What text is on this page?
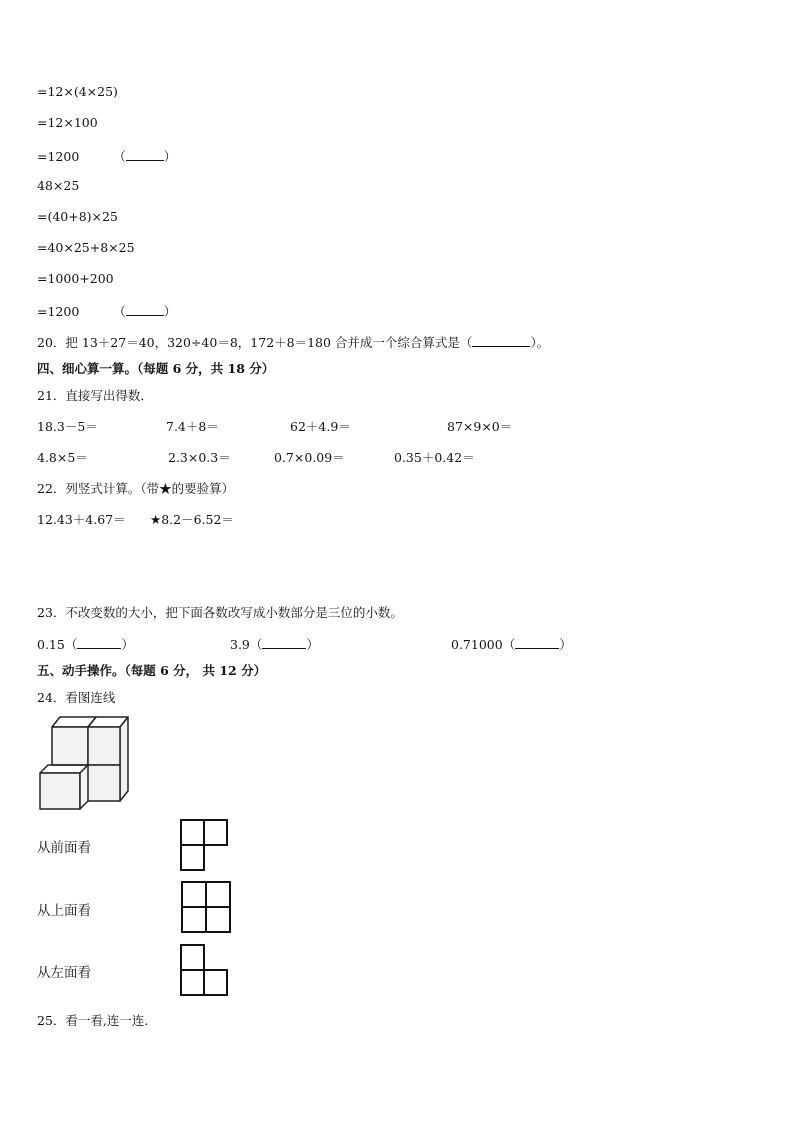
=12×(4×25)
=12×100
=1200	（	）
48×25
=(40+8)×25
=40×25+8×25
=1000+200
=1200	（	）
20．把 13＋27＝40，320÷40＝8，172＋8＝180 合并成一个综合算式是（	）。
四、细心算一算。（每题 6 分，共 18 分）
21．直接写出得数．
18.3－5＝	7.4＋8＝	62＋4.9＝	87×9×0＝
4.8×5＝	2.3×0.3＝	0.7×0.09＝	0.35＋0.42＝
22．列竖式计算。（带★的要验算）
12.43＋4.67＝ ★8.2－6.52＝
23．不改变数的大小，把下面各数改写成小数部分是三位的小数。
0.15（	）	3.9（	）	0.71000（	）
五、动手操作。（每题 6 分， 共 12 分）
24．看图连线
从前面看
从上面看
从左面看
25．看一看,连一连.
